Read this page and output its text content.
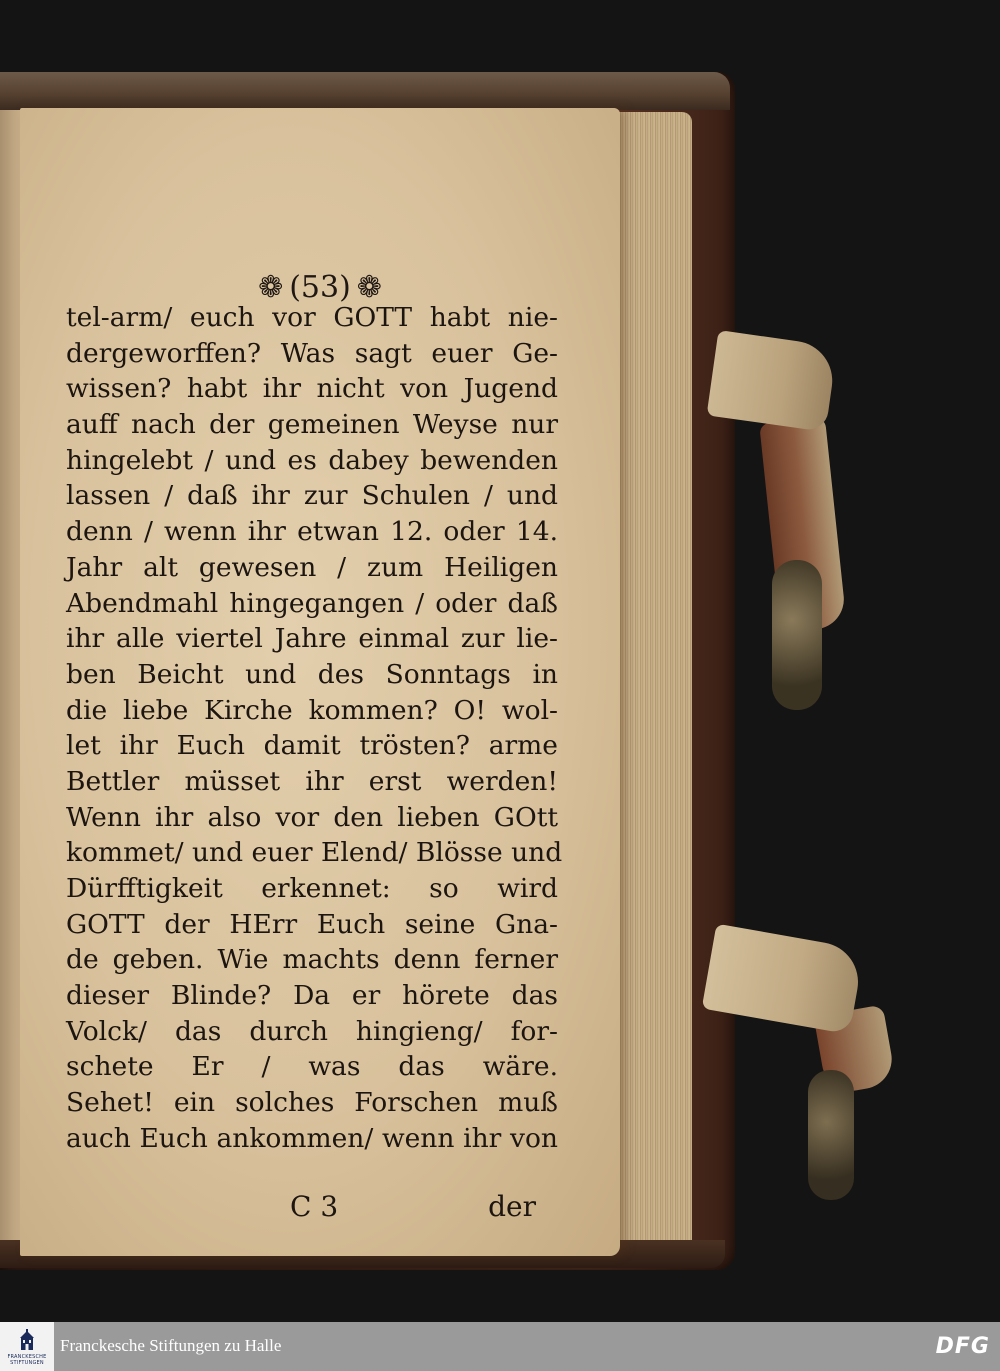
❁ (53) ❁
tel-arm/ euch vor GOTT habt nie-
dergeworffen? Was sagt euer Ge-
wissen? habt ihr nicht von Jugend
auff nach der gemeinen Weyse nur
hingelebt / und es dabey bewenden
lassen / daß ihr zur Schulen / und
denn / wenn ihr etwan 12. oder 14.
Jahr alt gewesen / zum Heiligen
Abendmahl hingegangen / oder daß
ihr alle viertel Jahre einmal zur lie-
ben Beicht und des Sonntags in
die liebe Kirche kommen? O! wol-
let ihr Euch damit trösten? arme
Bettler müsset ihr erst werden!
Wenn ihr also vor den lieben GOtt
kommet/ und euer Elend/ Blösse und
Dürfftigkeit erkennet: so wird
GOTT der HErr Euch seine Gna-
de geben. Wie machts denn ferner
dieser Blinde? Da er hörete das
Volck/ das durch hingieng/ for-
schete Er / was das wäre.
Sehet! ein solches Forschen muß
auch Euch ankommen/ wenn ihr von
C 3	der
FRANCKESCHE
STIFTUNGEN
Franckesche Stiftungen zu Halle	DFG
